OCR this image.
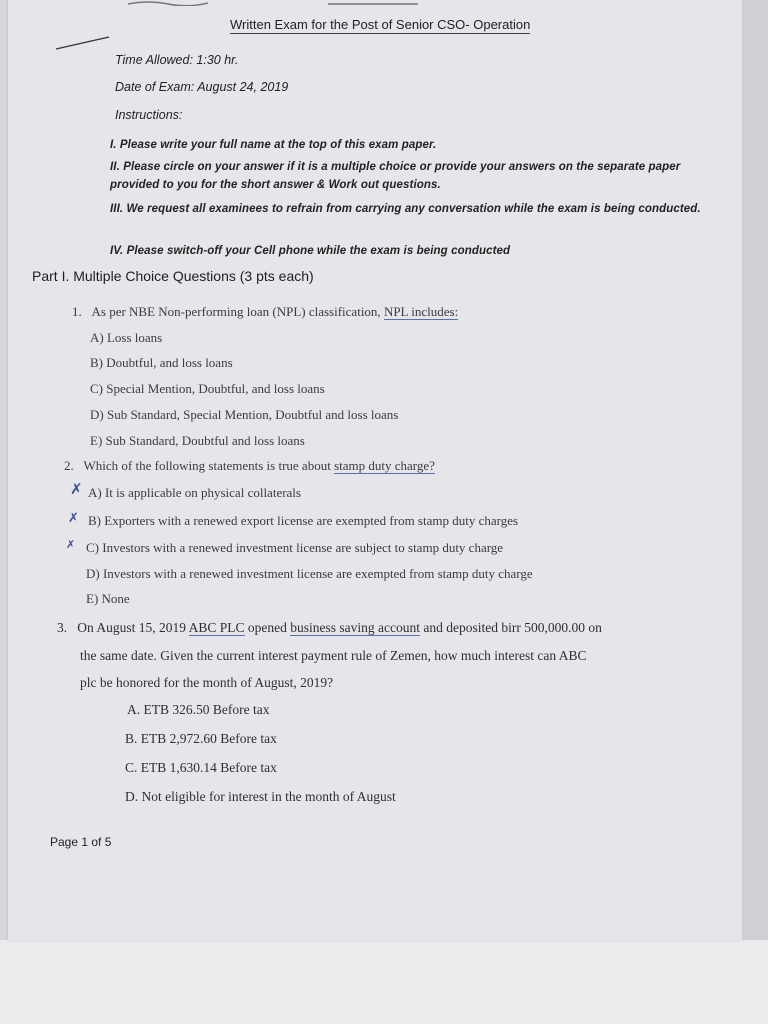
Written Exam for the Post of Senior CSO- Operation
Time Allowed: 1:30 hr.
Date of Exam: August 24, 2019
Instructions:
I. Please write your full name at the top of this exam paper.
II. Please circle on your answer if it is a multiple choice or provide your answers on the separate paper provided to you for the short answer & Work out questions.
III. We request all examinees to refrain from carrying any conversation while the exam is being conducted.
IV. Please switch-off your Cell phone while the exam is being conducted
Part I. Multiple Choice Questions (3 pts each)
1. As per NBE Non-performing loan (NPL) classification, NPL includes:
A) Loss loans
B) Doubtful, and loss loans
C) Special Mention, Doubtful, and loss loans
D) Sub Standard, Special Mention, Doubtful and loss loans
E) Sub Standard, Doubtful and loss loans
2. Which of the following statements is true about stamp duty charge?
✗ A) It is applicable on physical collaterals
✗ B) Exporters with a renewed export license are exempted from stamp duty charges
✗ C) Investors with a renewed investment license are subject to stamp duty charge
D) Investors with a renewed investment license are exempted from stamp duty charge
E) None
3. On August 15, 2019 ABC PLC opened business saving account and deposited birr 500,000.00 on
the same date. Given the current interest payment rule of Zemen, how much interest can ABC
plc be honored for the month of August, 2019?
A. ETB 326.50 Before tax
B. ETB 2,972.60 Before tax
C. ETB 1,630.14 Before tax
D. Not eligible for interest in the month of August
Page 1 of 5
